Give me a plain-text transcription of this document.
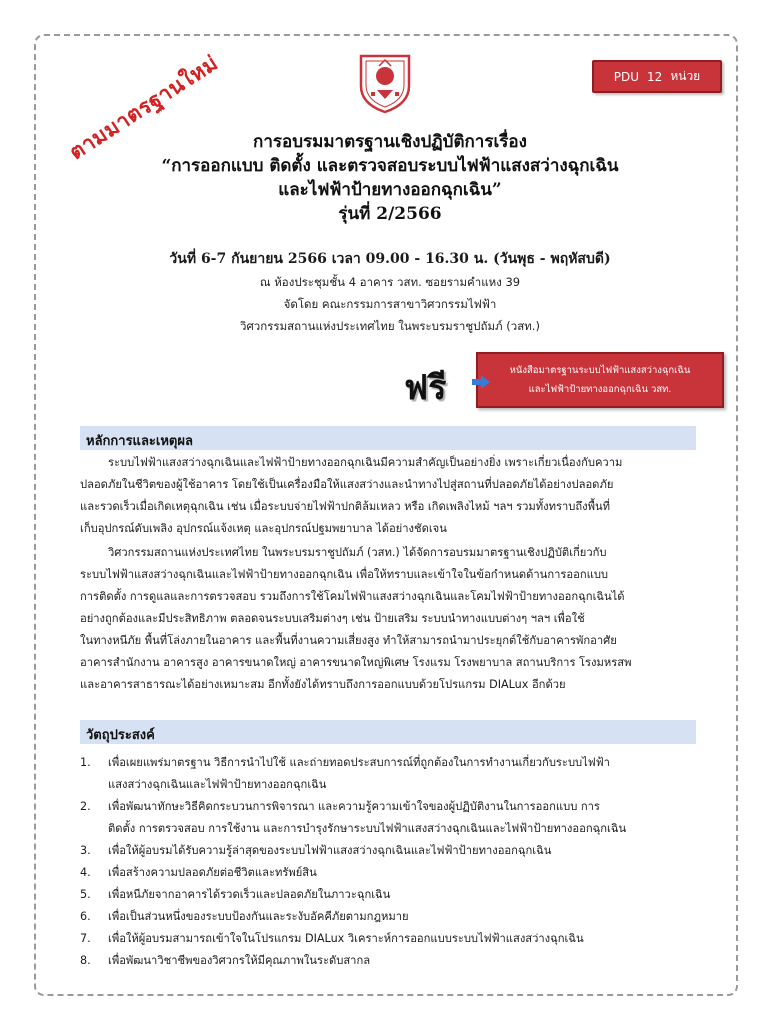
ตามมาตรฐานใหม่	PDU 12 หน่วย
การอบรมมาตรฐานเชิงปฏิบัติการเรื่อง
“การออกแบบ ติดตั้ง และตรวจสอบระบบไฟฟ้าแสงสว่างฉุกเฉิน
และไฟฟ้าป้ายทางออกฉุกเฉิน”
รุ่นที่ 2/2566
วันที่ 6-7 กันยายน 2566 เวลา 09.00 - 16.30 น. (วันพุธ - พฤหัสบดี)
ณ ห้องประชุมชั้น 4 อาคาร วสท. ซอยรามคำแหง 39
จัดโดย คณะกรรมการสาขาวิศวกรรมไฟฟ้า
วิศวกรรมสถานแห่งประเทศไทย ในพระบรมราชูปถัมภ์ (วสท.)
ฟรี	หนังสือมาตรฐานระบบไฟฟ้าแสงสว่างฉุกเฉิน
และไฟฟ้าป้ายทางออกฉุกเฉิน วสท.
หลักการและเหตุผล
ระบบไฟฟ้าแสงสว่างฉุกเฉินและไฟฟ้าป้ายทางออกฉุกเฉินมีความสำคัญเป็นอย่างยิ่ง เพราะเกี่ยวเนื่องกับความ
ปลอดภัยในชีวิตของผู้ใช้อาคาร โดยใช้เป็นเครื่องมือให้แสงสว่างและนำทางไปสู่สถานที่ปลอดภัยได้อย่างปลอดภัย
และรวดเร็วเมื่อเกิดเหตุฉุกเฉิน เช่น เมื่อระบบจ่ายไฟฟ้าปกติล้มเหลว หรือ เกิดเพลิงไหม้ ฯลฯ รวมทั้งทราบถึงพื้นที่
เก็บอุปกรณ์ดับเพลิง อุปกรณ์แจ้งเหตุ และอุปกรณ์ปฐมพยาบาล ได้อย่างชัดเจน
วิศวกรรมสถานแห่งประเทศไทย ในพระบรมราชูปถัมภ์ (วสท.) ได้จัดการอบรมมาตรฐานเชิงปฏิบัติเกี่ยวกับ
ระบบไฟฟ้าแสงสว่างฉุกเฉินและไฟฟ้าป้ายทางออกฉุกเฉิน เพื่อให้ทราบและเข้าใจในข้อกำหนดด้านการออกแบบ
การติดตั้ง การดูแลและการตรวจสอบ รวมถึงการใช้โคมไฟฟ้าแสงสว่างฉุกเฉินและโคมไฟฟ้าป้ายทางออกฉุกเฉินได้
อย่างถูกต้องและมีประสิทธิภาพ ตลอดจนระบบเสริมต่างๆ เช่น ป้ายเสริม ระบบนำทางแบบต่างๆ ฯลฯ เพื่อใช้
ในทางหนีภัย พื้นที่โล่งภายในอาคาร และพื้นที่งานความเสี่ยงสูง ทำให้สามารถนำมาประยุกต์ใช้กับอาคารพักอาศัย
อาคารสำนักงาน อาคารสูง อาคารขนาดใหญ่ อาคารขนาดใหญ่พิเศษ โรงแรม โรงพยาบาล สถานบริการ โรงมหรสพ
และอาคารสาธารณะได้อย่างเหมาะสม อีกทั้งยังได้ทราบถึงการออกแบบด้วยโปรแกรม DIALux อีกด้วย
วัตถุประสงค์
1. เพื่อเผยแพร่มาตรฐาน วิธีการนำไปใช้ และถ่ายทอดประสบการณ์ที่ถูกต้องในการทำงานเกี่ยวกับระบบไฟฟ้า
แสงสว่างฉุกเฉินและไฟฟ้าป้ายทางออกฉุกเฉิน
2. เพื่อพัฒนาทักษะวิธีคิดกระบวนการพิจารณา และความรู้ความเข้าใจของผู้ปฏิบัติงานในการออกแบบ การ
ติดตั้ง การตรวจสอบ การใช้งาน และการบำรุงรักษาระบบไฟฟ้าแสงสว่างฉุกเฉินและไฟฟ้าป้ายทางออกฉุกเฉิน
3. เพื่อให้ผู้อบรมได้รับความรู้ล่าสุดของระบบไฟฟ้าแสงสว่างฉุกเฉินและไฟฟ้าป้ายทางออกฉุกเฉิน
4. เพื่อสร้างความปลอดภัยต่อชีวิตและทรัพย์สิน
5. เพื่อหนีภัยจากอาคารได้รวดเร็วและปลอดภัยในภาวะฉุกเฉิน
6. เพื่อเป็นส่วนหนึ่งของระบบป้องกันและระงับอัคคีภัยตามกฎหมาย
7. เพื่อให้ผู้อบรมสามารถเข้าใจในโปรแกรม DIALux วิเคราะห์การออกแบบระบบไฟฟ้าแสงสว่างฉุกเฉิน
8. เพื่อพัฒนาวิชาชีพของวิศวกรให้มีคุณภาพในระดับสากล
